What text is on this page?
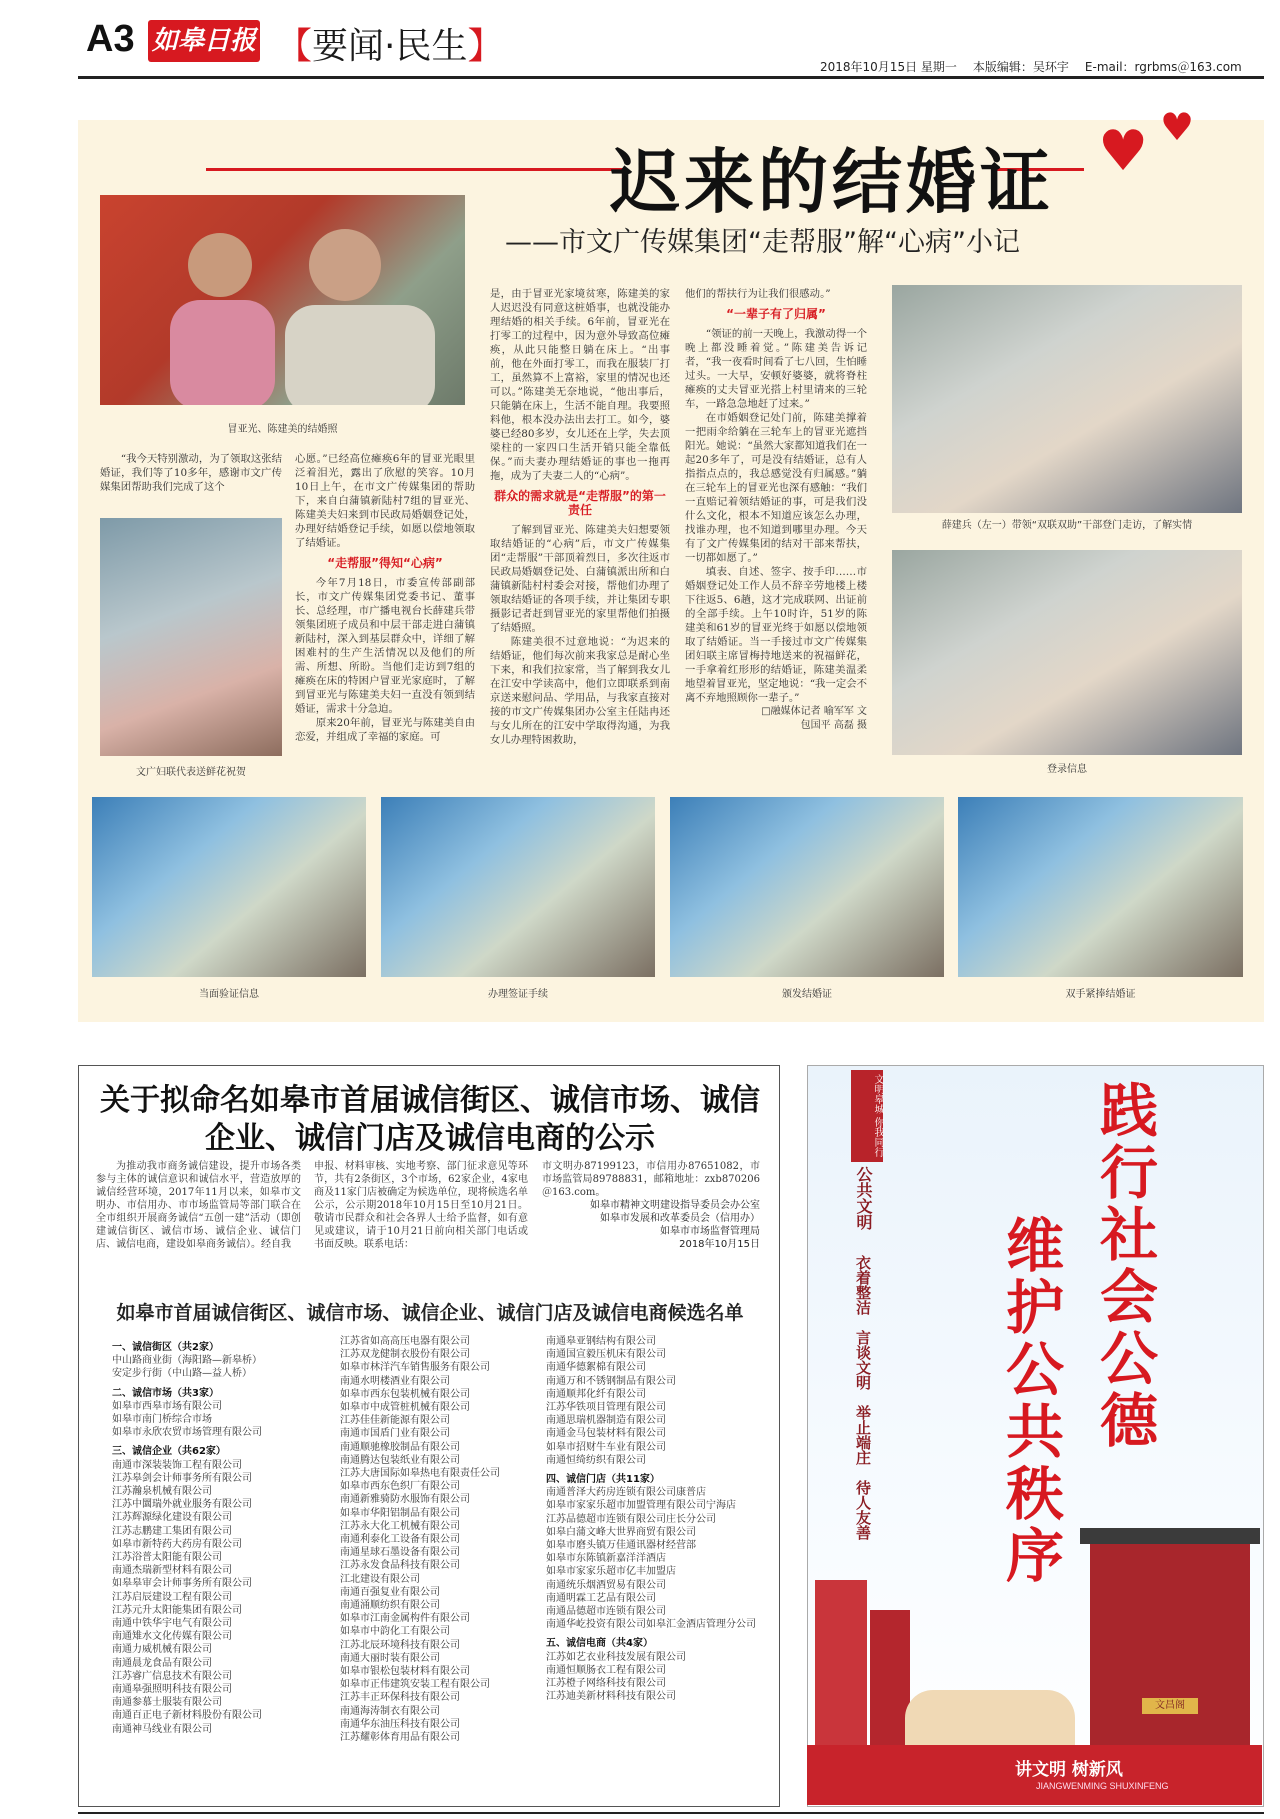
A3 如皋日报 【要闻·民生】	2018年10月15日 星期一 本版编辑：吴环宇 E-mail：rgrbms＠163.com
迟来的结婚证 ♥ ♥
——市文广传媒集团“走帮服”解“心病”小记
冒亚光、陈建美的结婚照

“我今天特别激动，为了领取这张结婚证，我们等了10多年，感谢市文广传媒集团帮助我们完成了这个

文广妇联代表送鲜花祝贺

心愿。”已经高位瘫痪6年的冒亚光眼里泛着泪光，露出了欣慰的笑容。10月10日上午，在市文广传媒集团的帮助下，来自白蒲镇新陆村7组的冒亚光、陈建美夫妇来到市民政局婚姻登记处，办理好结婚登记手续，如愿以偿地领取了结婚证。

“走帮服”得知“心病”

今年7月18日，市委宣传部副部长，市文广传媒集团党委书记、董事长、总经理，市广播电视台长薛建兵带领集团班子成员和中层干部走进白蒲镇新陆村，深入到基层群众中，详细了解困难村的生产生活情况以及他们的所需、所想、所盼。当他们走访到7组的瘫痪在床的特困户冒亚光家庭时，了解到冒亚光与陈建美夫妇一直没有领到结婚证，需求十分急迫。

原来20年前，冒亚光与陈建美自由恋爱，并组成了幸福的家庭。可

是，由于冒亚光家境贫寒，陈建美的家人迟迟没有同意这桩婚事，也就没能办理结婚的相关手续。6年前，冒亚光在打零工的过程中，因为意外导致高位瘫痪，从此只能整日躺在床上。“出事前，他在外面打零工，而我在服装厂打工，虽然算不上富裕，家里的情况也还可以。”陈建美无奈地说，“他出事后，只能躺在床上，生活不能自理。我要照料他，根本没办法出去打工。如今，婆婆已经80多岁，女儿还在上学，失去顶梁柱的一家四口生活开销只能全靠低保。”而夫妻办理结婚证的事也一拖再拖，成为了夫妻二人的“心病”。

群众的需求就是“走帮服”的第一责任

了解到冒亚光、陈建美夫妇想要领取结婚证的“心病”后，市文广传媒集团“走帮服”干部顶着烈日，多次往返市民政局婚姻登记处、白蒲镇派出所和白蒲镇新陆村村委会对接，帮他们办理了领取结婚证的各项手续，并让集团专职摄影记者赶到冒亚光的家里帮他们拍摄了结婚照。

陈建美很不过意地说：“为迟来的结婚证，他们每次前来我家总是耐心坐下来，和我们拉家常，当了解到我女儿在江安中学读高中，他们立即联系到南京送来慰问品、学用品，与我家直接对接的市文广传媒集团办公室主任陆冉还与女儿所在的江安中学取得沟通，为我女儿办理特困救助，

他们的帮扶行为让我们很感动。”

“一辈子有了归属”

“领证的前一天晚上，我激动得一个晚上都没睡着觉。”陈建美告诉记者，“我一夜看时间看了七八回，生怕睡过头。一大早，安顿好婆婆，就将脊柱瘫痪的丈夫冒亚光搭上村里请来的三轮车，一路急急地赶了过来。”

在市婚姻登记处门前，陈建美撑着一把雨伞给躺在三轮车上的冒亚光遮挡阳光。她说：“虽然大家都知道我们在一起20多年了，可是没有结婚证，总有人指指点点的，我总感觉没有归属感。”躺在三轮车上的冒亚光也深有感触：“我们一直赔记着领结婚证的事，可是我们没什么文化，根本不知道应该怎么办理，找谁办理，也不知道到哪里办理。今天有了文广传媒集团的结对干部来帮扶，一切都如愿了。”

填表、自述、签字、按手印……市婚姻登记处工作人员不辞辛劳地楼上楼下往返5、6趟，这才完成联网、出证前的全部手续。上午10时许，51岁的陈建美和61岁的冒亚光终于如愿以偿地领取了结婚证。当一手接过市文广传媒集团妇联主席冒梅持地送来的祝福鲜花，一手拿着红形形的结婚证，陈建美温柔地望着冒亚光，坚定地说：“我一定会不离不弃地照顾你一辈子。”

□融媒体记者 喻军军 文
包国平 高磊 摄
薛建兵（左一）带领“双联双助”干部登门走访，了解实情
登录信息
当面验证信息	办理签证手续	颁发结婚证	双手紧捧结婚证
关于拟命名如皋市首届诚信街区、诚信市场、诚信企业、诚信门店及诚信电商的公示

为推动我市商务诚信建设，提升市场各类参与主体的诚信意识和诚信水平，营造放厚的诚信经营环境，2017年11月以来，如皋市文明办、市信用办、市市场监管局等部门联合在全市组织开展商务诚信“五创一建”活动（即创建诚信街区、诚信市场、诚信企业、诚信门店、诚信电商，建设如皋商务诚信）。经自我

申报、材料审核、实地考察、部门征求意见等环节，共有2条街区，3个市场，62家企业，4家电商及11家门店被确定为候选单位，现将候选名单公示，公示期2018年10月15日至10月21日。敬请市民群众和社会各界人士给予监督，如有意见或建议，请于10月21日前向相关部门电话或书面反映。联系电话：

市文明办87199123，市信用办87651082，市市场监管局89788831，邮箱地址：zxb870206＠163.com。

如皋市精神文明建设指导委员会办公室
如皋市发展和改革委员会（信用办）
如皋市市场监督管理局
2018年10月15日
如皋市首届诚信街区、诚信市场、诚信企业、诚信门店及诚信电商候选名单
一、诚信街区（共2家）
中山路商业街（海阳路—新皋桥）
安定步行街（中山路—益人桥）
二、诚信市场（共3家）
如皋市西皋市场有限公司
如皋市南门桥综合市场
如皋市永欣农贸市场管理有限公司
三、诚信企业（共62家）
南通市深装装饰工程有限公司
江苏皋剑会计师事务所有限公司
江苏瀚泉机械有限公司
江苏中圜瑞外就业服务有限公司
江苏辉源绿化建设有限公司
江苏志鹏建工集团有限公司
如皋市新特药大药房有限公司
江苏浴普太阳能有限公司
南通杰瑞新型材料有限公司
如皋皋审会计师事务所有限公司
江苏启辰建设工程有限公司
江苏元升太阳能集团有限公司
南通中铁华宇电气有限公司
南通雉水文化传媒有限公司
南通力威机械有限公司
南通晨龙食品有限公司
江苏睿广信息技术有限公司
南通皋强照明科技有限公司
南通参慕士服装有限公司
南通百正电子新材料股份有限公司
南通神马线业有限公司
江苏省如高高压电器有限公司
江苏双龙健制衣股份有限公司
如皋市林洋汽车销售服务有限公司
南通水明楼酒业有限公司
如皋市西东包装机械有限公司
如皋市中成管桩机械有限公司
江苏佳佳新能源有限公司
南通市国盾门业有限公司
南通顺驰橡胶制品有限公司
南通腾达包装纸业有限公司
江苏大唐国际如皋热电有限责任公司
如皋市西东色织厂有限公司
南通新雅骑防水服饰有限公司
如皋市华阳铝制品有限公司
江苏永大化工机械有限公司
南通利泰化工设备有限公司
南通星球石墨设备有限公司
江苏永发食品科技有限公司
江北建设有限公司
南通百强复业有限公司
南通涌顺纺织有限公司
如皋市江南金属构件有限公司
如皋市中韵化工有限公司
江苏北辰环境科技有限公司
南通大丽时装有限公司
如皋市银松包装材料有限公司
如皋市正伟建筑安装工程有限公司
江苏丰正环保科技有限公司
南通海涛制衣有限公司
南通华东油压科技有限公司
江苏耀彰体育用品有限公司
南通皋亚钢结构有限公司
南通国宣毅压机床有限公司
南通华德絮棉有限公司
南通万和不锈钢制品有限公司
南通顺邦化纤有限公司
江苏华铁项目管理有限公司
南通思瑞机器制造有限公司
南通金马包装材料有限公司
如皋市招财牛车业有限公司
南通恒绮纺织有限公司
四、诚信门店（共11家）
南通普泽大药房连锁有限公司康普店
如皋市家家乐超市加盟管理有限公司宁海店
江苏品德超市连锁有限公司庄长分公司
如皋白蒲文峰大世界商贸有限公司
如皋市磨头镇万佳通讯器材经营部
如皋市东陈镇新嘉洋洋酒店
如皋市家家乐超市亿丰加盟店
南通统乐烟酒贸易有限公司
南通明霖工艺品有限公司
南通品德超市连锁有限公司
南通华屹投资有限公司如皋汇金酒店管理分公司
五、诚信电商（共4家）
江苏如艺衣业科技发展有限公司
南通恒顺肠衣工程有限公司
江苏橙子网络科技有限公司
江苏迪美新材料科技有限公司
文明皋城 你我同行
公共文明
衣着整洁　言谈文明　举止端庄　待人友善	践行社会公德
维护公共秩序
文昌阁
讲文明 树新风
JIANGWENMING SHUXINFENG
